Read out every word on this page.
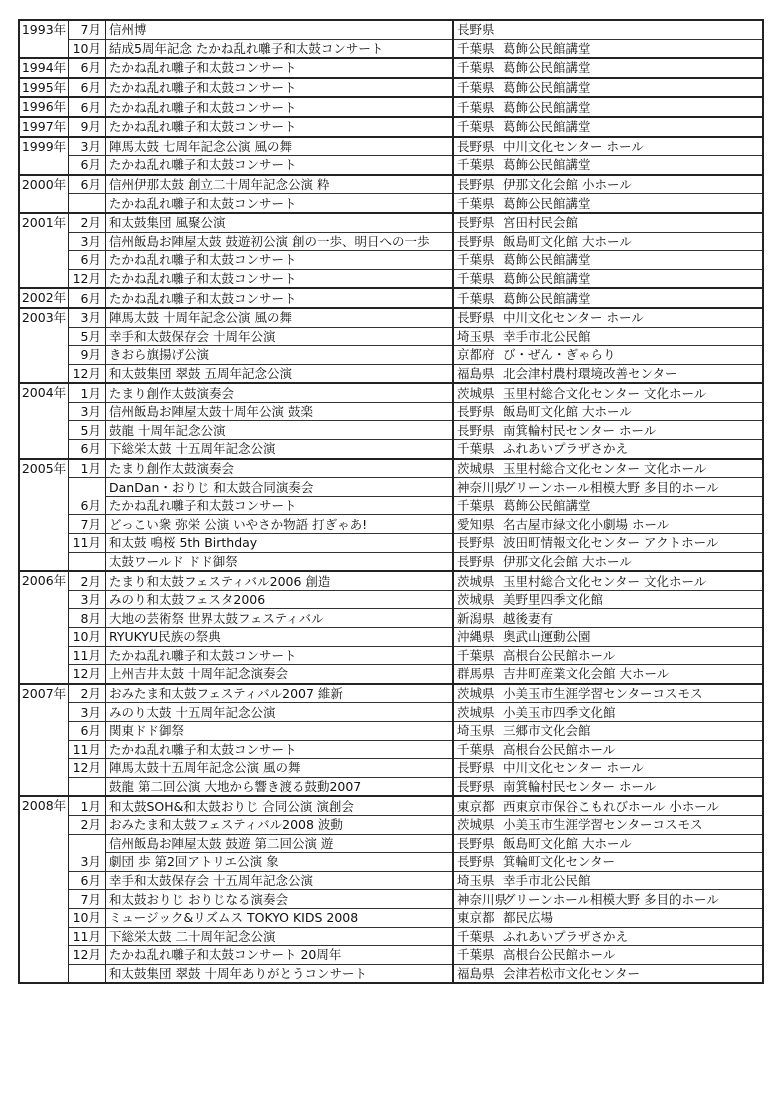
1993年	7月	信州博	長野県
	10月	結成5周年記念 たかね乱れ囃子和太鼓コンサート	千葉県 葛飾公民館講堂
1994年	6月	たかね乱れ囃子和太鼓コンサート	千葉県 葛飾公民館講堂
1995年	6月	たかね乱れ囃子和太鼓コンサート	千葉県 葛飾公民館講堂
1996年	6月	たかね乱れ囃子和太鼓コンサート	千葉県 葛飾公民館講堂
1997年	9月	たかね乱れ囃子和太鼓コンサート	千葉県 葛飾公民館講堂
1999年	3月	陣馬太鼓 七周年記念公演 風の舞	長野県 中川文化センター ホール
	6月	たかね乱れ囃子和太鼓コンサート	千葉県 葛飾公民館講堂
2000年	6月	信州伊那太鼓 創立二十周年記念公演 粋	長野県 伊那文化会館 小ホール
		たかね乱れ囃子和太鼓コンサート	千葉県 葛飾公民館講堂
2001年	2月	和太鼓集団 風聚公演	長野県 宮田村民会館
	3月	信州飯島お陣屋太鼓 鼓遊初公演 創の一歩、明日への一歩	長野県 飯島町文化館 大ホール
	6月	たかね乱れ囃子和太鼓コンサート	千葉県 葛飾公民館講堂
	12月	たかね乱れ囃子和太鼓コンサート	千葉県 葛飾公民館講堂
2002年	6月	たかね乱れ囃子和太鼓コンサート	千葉県 葛飾公民館講堂
2003年	3月	陣馬太鼓 十周年記念公演 風の舞	長野県 中川文化センター ホール
	5月	幸手和太鼓保存会 十周年公演	埼玉県 幸手市北公民館
	9月	きおら旗揚げ公演	京都府 び・ぜん・ぎゃらり
	12月	和太鼓集団 翠鼓 五周年記念公演	福島県 北会津村農村環境改善センター
2004年	1月	たまり創作太鼓演奏会	茨城県 玉里村総合文化センター 文化ホール
	3月	信州飯島お陣屋太鼓十周年公演 鼓楽	長野県 飯島町文化館 大ホール
	5月	鼓龍 十周年記念公演	長野県 南箕輪村民センター ホール
	6月	下総栄太鼓 十五周年記念公演	千葉県 ふれあいプラザさかえ
2005年	1月	たまり創作太鼓演奏会	茨城県 玉里村総合文化センター 文化ホール
		DanDan・おりじ 和太鼓合同演奏会	神奈川県グリーンホール相模大野 多目的ホール
	6月	たかね乱れ囃子和太鼓コンサート	千葉県 葛飾公民館講堂
	7月	どっこい衆 弥栄 公演 いやさか物語 打ぎゃあ!	愛知県 名古屋市緑文化小劇場 ホール
	11月	和太鼓 鳴桜 5th Birthday	長野県 波田町情報文化センター アクトホール
		太鼓ワールド ドド御祭	長野県 伊那文化会館 大ホール
2006年	2月	たまり和太鼓フェスティバル2006 創造	茨城県 玉里村総合文化センター 文化ホール
	3月	みのり和太鼓フェスタ2006	茨城県 美野里四季文化館
	8月	大地の芸術祭 世界太鼓フェスティバル	新潟県 越後妻有
	10月	RYUKYU民族の祭典	沖縄県 奥武山運動公園
	11月	たかね乱れ囃子和太鼓コンサート	千葉県 高根台公民館ホール
	12月	上州吉井太鼓 十周年記念演奏会	群馬県 吉井町産業文化会館 大ホール
2007年	2月	おみたま和太鼓フェスティバル2007 維新	茨城県 小美玉市生涯学習センターコスモス
	3月	みのり太鼓 十五周年記念公演	茨城県 小美玉市四季文化館
	6月	関東ドド御祭	埼玉県 三郷市文化会館
	11月	たかね乱れ囃子和太鼓コンサート	千葉県 高根台公民館ホール
	12月	陣馬太鼓十五周年記念公演 風の舞	長野県 中川文化センター ホール
		鼓龍 第二回公演 大地から響き渡る鼓動2007	長野県 南箕輪村民センター ホール
2008年	1月	和太鼓SOH&和太鼓おりじ 合同公演 演創会	東京都 西東京市保谷こもれびホール 小ホール
	2月	おみたま和太鼓フェスティバル2008 波動	茨城県 小美玉市生涯学習センターコスモス
		信州飯島お陣屋太鼓 鼓遊 第二回公演 遊	長野県 飯島町文化館 大ホール
	3月	劇団 歩 第2回アトリエ公演 象	長野県 箕輪町文化センター
	6月	幸手和太鼓保存会 十五周年記念公演	埼玉県 幸手市北公民館
	7月	和太鼓おりじ おりじなる演奏会	神奈川県グリーンホール相模大野 多目的ホール
	10月	ミュージック&リズムス TOKYO KIDS 2008	東京都 都民広場
	11月	下総栄太鼓 二十周年記念公演	千葉県 ふれあいプラザさかえ
	12月	たかね乱れ囃子和太鼓コンサート 20周年	千葉県 高根台公民館ホール
		和太鼓集団 翠鼓 十周年ありがとうコンサート	福島県 会津若松市文化センター
